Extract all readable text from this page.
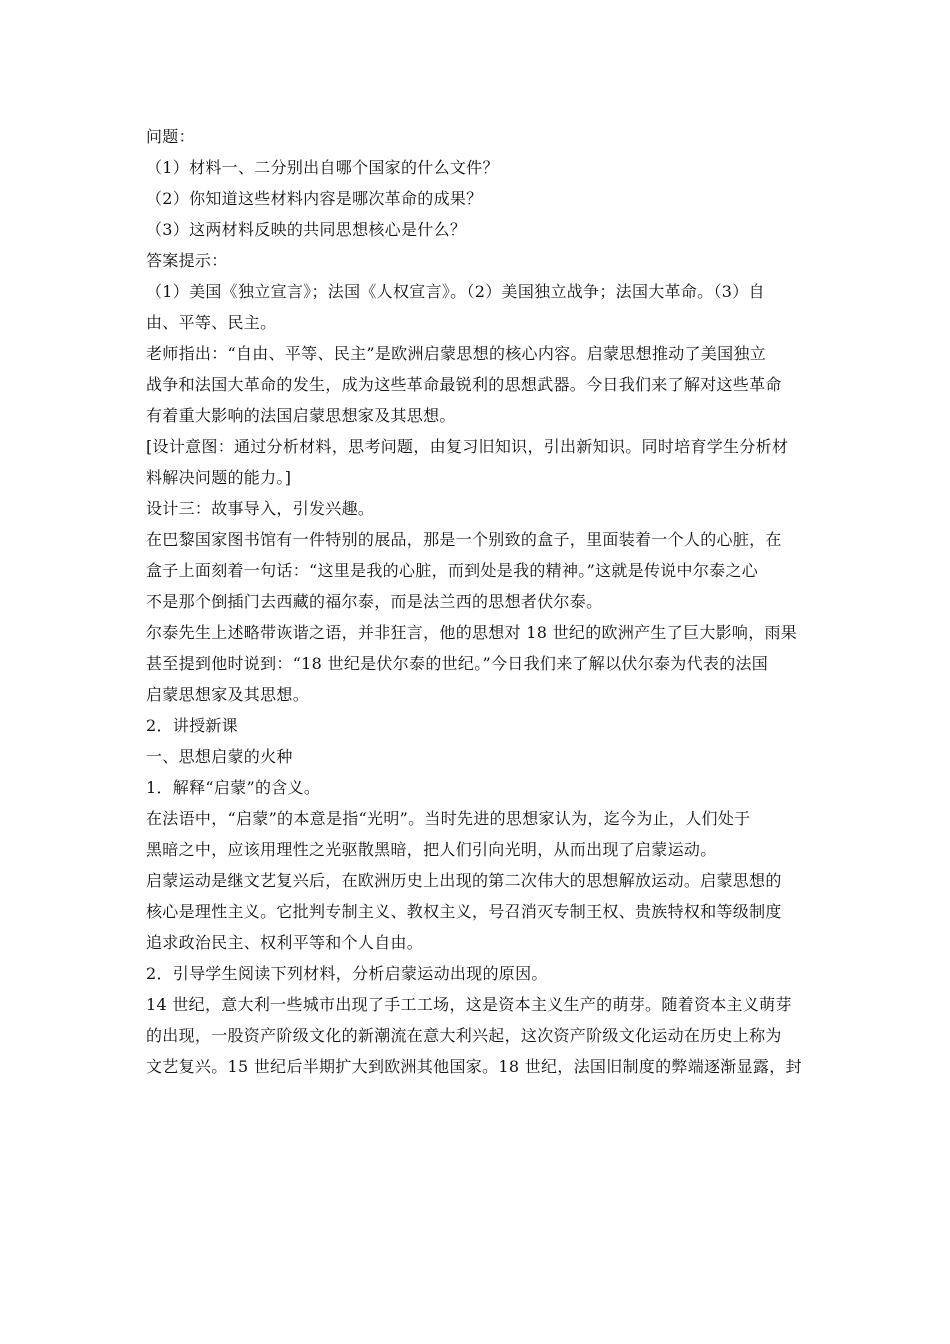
问题：
（1）材料一、二分别出自哪个国家的什么文件？
（2）你知道这些材料内容是哪次革命的成果？
（3）这两材料反映的共同思想核心是什么？
答案提示：
（1）美国《独立宣言》；法国《人权宣言》。（2）美国独立战争；法国大革命。（3）自
由、平等、民主。
老师指出：“自由、平等、民主”是欧洲启蒙思想的核心内容。启蒙思想推动了美国独立
战争和法国大革命的发生，成为这些革命最锐利的思想武器。今日我们来了解对这些革命
有着重大影响的法国启蒙思想家及其思想。
[设计意图：通过分析材料，思考问题，由复习旧知识，引出新知识。同时培育学生分析材
料解决问题的能力。]
设计三：故事导入，引发兴趣。
在巴黎国家图书馆有一件特别的展品，那是一个别致的盒子，里面装着一个人的心脏，在
盒子上面刻着一句话：“这里是我的心脏，而到处是我的精神。”这就是传说中尔泰之心
不是那个倒插门去西藏的福尔泰，而是法兰西的思想者伏尔泰。
尔泰先生上述略带诙谐之语，并非狂言，他的思想对 18 世纪的欧洲产生了巨大影响，雨果
甚至提到他时说到：“18 世纪是伏尔泰的世纪。”今日我们来了解以伏尔泰为代表的法国
启蒙思想家及其思想。
2．讲授新课
一、思想启蒙的火种
1．解释“启蒙”的含义。
在法语中，“启蒙”的本意是指“光明”。当时先进的思想家认为，迄今为止，人们处于
黑暗之中，应该用理性之光驱散黑暗，把人们引向光明，从而出现了启蒙运动。
启蒙运动是继文艺复兴后，在欧洲历史上出现的第二次伟大的思想解放运动。启蒙思想的
核心是理性主义。它批判专制主义、教权主义，号召消灭专制王权、贵族特权和等级制度
追求政治民主、权利平等和个人自由。
2．引导学生阅读下列材料，分析启蒙运动出现的原因。
14 世纪，意大利一些城市出现了手工工场，这是资本主义生产的萌芽。随着资本主义萌芽
的出现，一股资产阶级文化的新潮流在意大利兴起，这次资产阶级文化运动在历史上称为
文艺复兴。15 世纪后半期扩大到欧洲其他国家。18 世纪，法国旧制度的弊端逐渐显露，封
